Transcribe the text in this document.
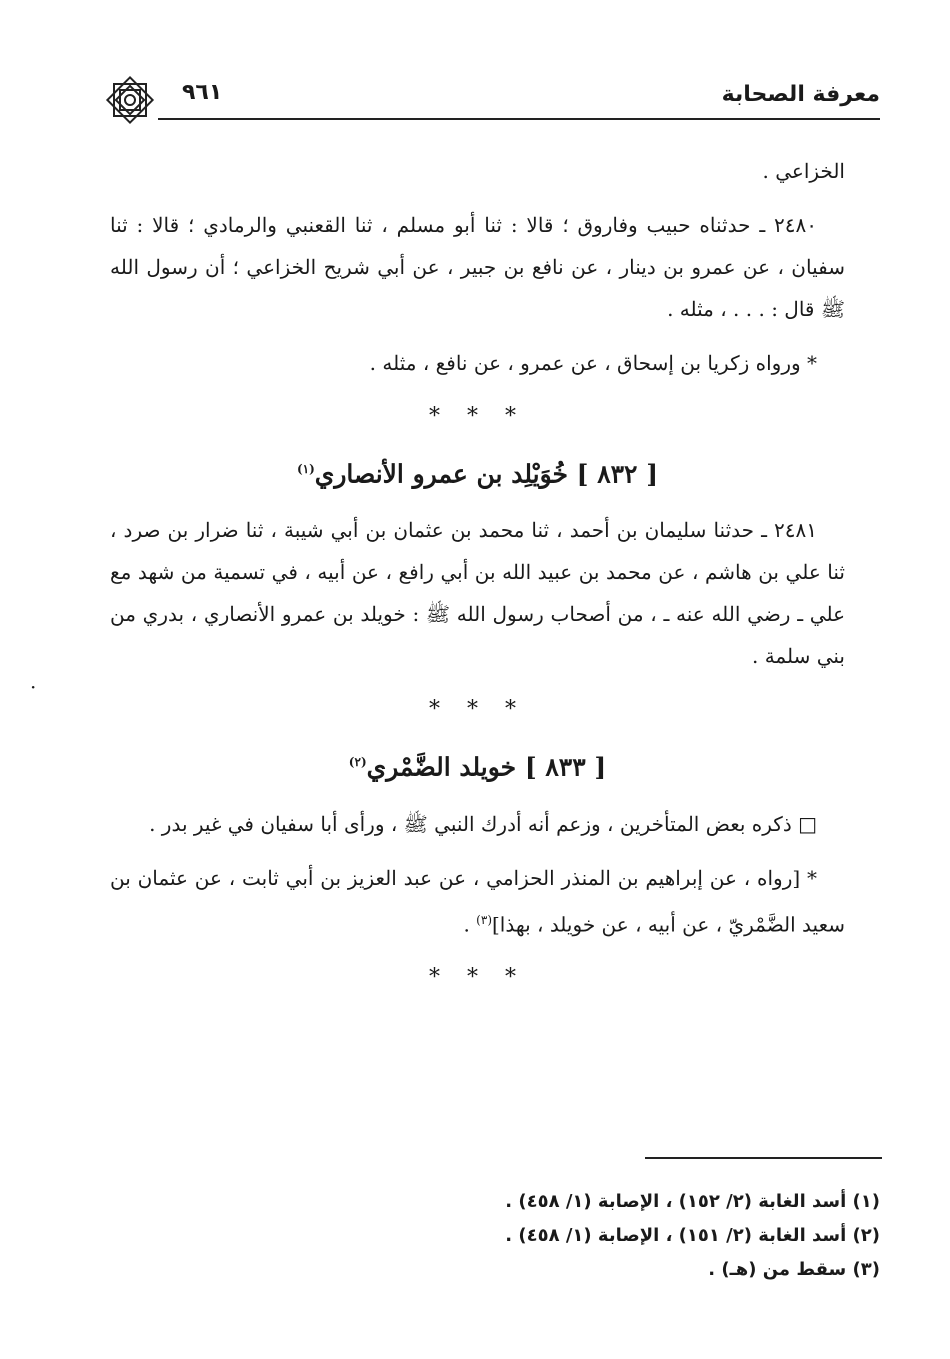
٩٦١	معرفة الصحابة

الخزاعي .

٢٤٨٠ ـ حدثناه حبيب وفاروق ؛ قالا : ثنا أبو مسلم ، ثنا القعنبي والرمادي ؛ قالا : ثنا سفيان ، عن عمرو بن دينار ، عن نافع بن جبير ، عن أبي شريح الخزاعي ؛ أن رسول الله ﷺ قال : . . . ، مثله .

* ورواه زكريا بن إسحاق ، عن عمرو ، عن نافع ، مثله .

* * *
[ ٨٣٢ ] خُوَيْلِد بن عمرو الأنصاري$^{(١)}$

٢٤٨١ ـ حدثنا سليمان بن أحمد ، ثنا محمد بن عثمان بن أبي شيبة ، ثنا ضرار بن صرد ، ثنا علي بن هاشم ، عن محمد بن عبيد الله بن أبي رافع ، عن أبيه ، في تسمية من شهد مع علي ـ رضي الله عنه ـ ، من أصحاب رسول الله ﷺ : خويلد بن عمرو الأنصاري ، بدري من بني سلمة .

* * *
[ ٨٣٣ ] خويلد الضَّمْري$^{(٢)}$

□ ذكره بعض المتأخرين ، وزعم أنه أدرك النبي ﷺ ، ورأى أبا سفيان في غير بدر .

* [رواه ، عن إبراهيم بن المنذر الحزامي ، عن عبد العزيز بن أبي ثابت ، عن عثمان بن سعيد الضَّمْريّ ، عن أبيه ، عن خويلد ، بهذا]$^{(٣)}$ .

* * *
·

(١) أسد الغابة (٢/ ١٥٢) ، الإصابة (١/ ٤٥٨) .

(٢) أسد الغابة (٢/ ١٥١) ، الإصابة (١/ ٤٥٨) .

(٣) سقط من (هـ) .
